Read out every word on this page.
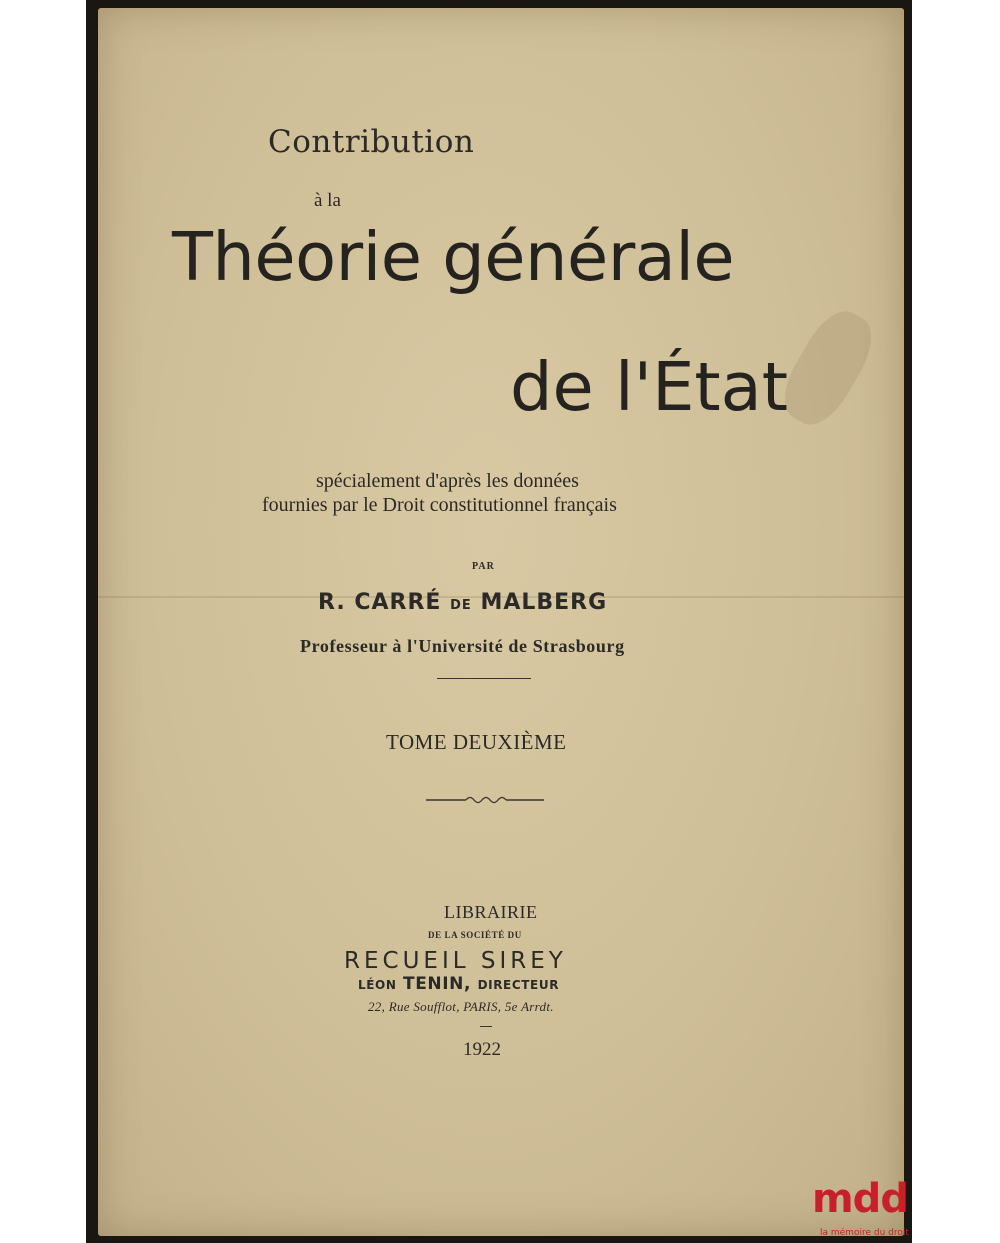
Contribution
à la
Théorie générale
de l'État
spécialement d'après les données
fournies par le Droit constitutionnel français
PAR
R. CARRÉ DE MALBERG
Professeur à l'Université de Strasbourg
TOME DEUXIÈME
LIBRAIRIE
DE LA SOCIÉTÉ DU
RECUEIL SIREY
LÉON TENIN, DIRECTEUR
22, Rue Soufflot, PARIS, 5e Arrdt.
1922
mdd
la mémoire du droit
